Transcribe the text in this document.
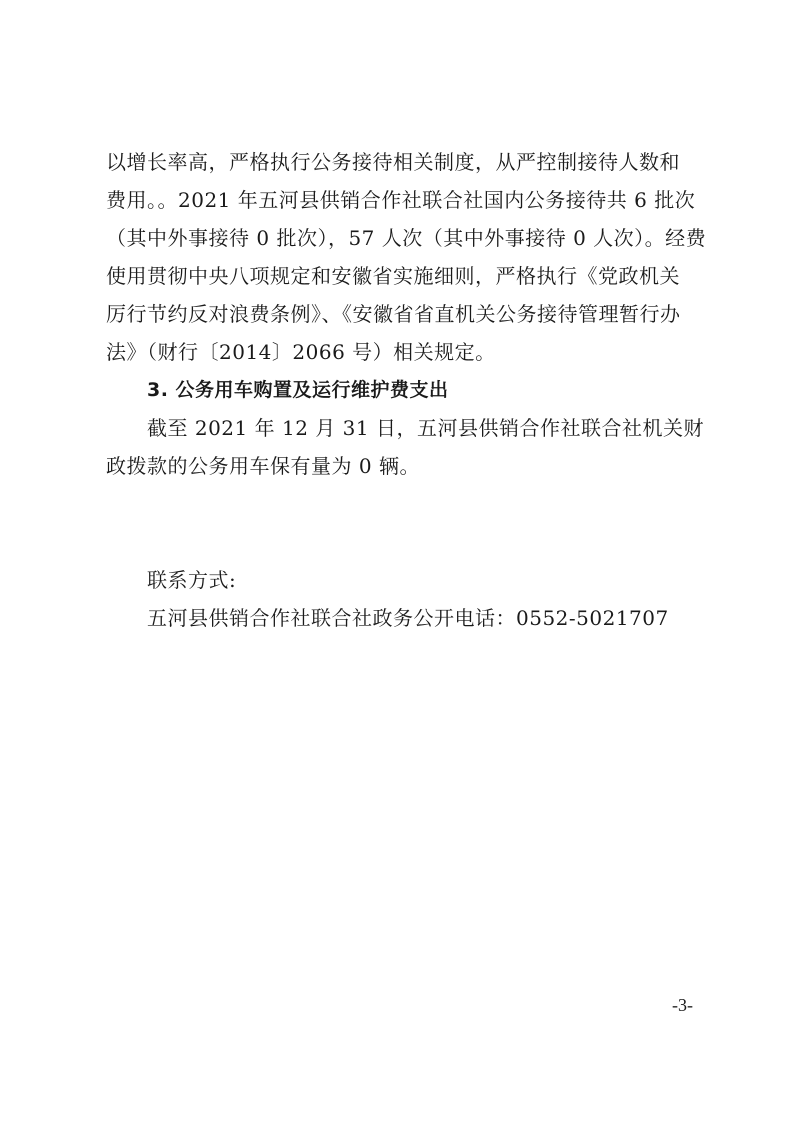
以增长率高，严格执行公务接待相关制度，从严控制接待人数和
费用。。2021 年五河县供销合作社联合社国内公务接待共 6 批次
（其中外事接待 0 批次），57 人次（其中外事接待 0 人次）。经费
使用贯彻中央八项规定和安徽省实施细则，严格执行《党政机关
厉行节约反对浪费条例》、《安徽省省直机关公务接待管理暂行办
法》（财行〔2014〕2066 号）相关规定。
3. 公务用车购置及运行维护费支出
截至 2021 年 12 月 31 日，五河县供销合作社联合社机关财
政拨款的公务用车保有量为 0 辆。
联系方式:
五河县供销合作社联合社政务公开电话：0552-5021707
-3-
